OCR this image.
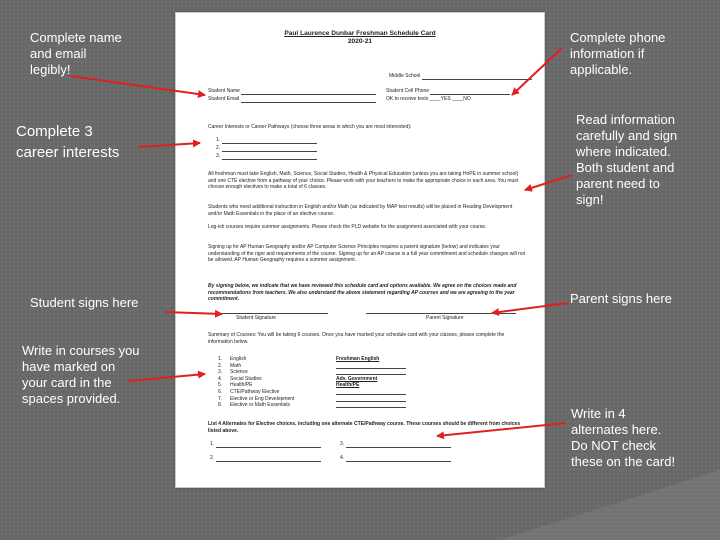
Complete name and email legibly!
Complete 3 career interests
Student signs here
Write in courses you have marked on your card in the spaces provided.
Complete phone information if applicable.
Read information carefully and sign where indicated. Both student and parent need to sign!
Parent signs here
Write in 4 alternates here. Do NOT check these on the card!
Paul Laurence Dunbar Freshman Schedule Card
2020-21
Middle School
Student Name
Student Email
Student Cell Phone
OK to receive texts ____YES ____NO
Career Interests or Career Pathways (choose three areas in which you are most interested):
1.
2.
3.
All freshman must take English, Math, Science, Social Studies, Health & Physical Education (unless you are taking HoPE in summer school) and one CTE elective from a pathway of your choice. Please work with your teachers to make the appropriate choice in each area. You must choose enough electives to make a total of 6 classes.
Students who need additional instruction in English and/or Math (as indicated by MAP test results) will be placed in Reading Development and/or Math Essentials in the place of an elective course.
Log-ish courses require summer assignments. Please check the PLD website for the assignment associated with your course.
Signing up for AP Human Geography and/or AP Computer Science Principles requires a parent signature (below) and indicates your understanding of the rigor and requirements of the course. Signing up for an AP course is a full year commitment and schedule changes will not be allowed. AP Human Geography requires a summer assignment.
By signing below, we indicate that we have reviewed this schedule card and options available. We agree on the choices made and recommendations from teachers. We also understand the above statement regarding AP courses and we are agreeing to the year commitment.
Student Signature	Parent Signature
Summary of Courses: You will be taking 6 courses. Once you have marked your schedule card with your classes, please complete the information below.
1.	English	Freshman English
2.	Math
3.	Science
4.	Social Studies	Adv. Government
5.	Health/PE	Health/PE
6.	CTE/Pathway Elective
7.	Elective or Eng Development
8.	Elective or Math Essentials
List 4 Alternates for Elective choices, including one alternate CTE/Pathway course. These courses should be different from choices listed above.
1.	3.
2.	4.
